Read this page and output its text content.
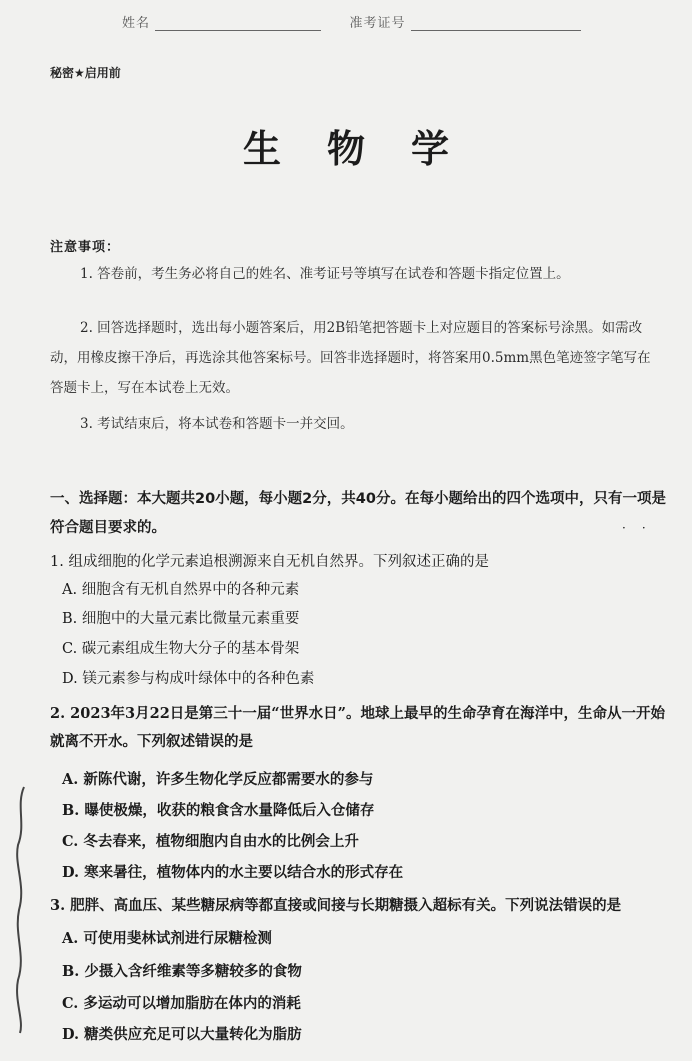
姓名	准考证号
秘密★启用前
生物学
注意事项：
1. 答卷前，考生务必将自己的姓名、准考证号等填写在试卷和答题卡指定位置上。
2. 回答选择题时，选出每小题答案后，用2B铅笔把答题卡上对应题目的答案标号涂黑。如需改动，用橡皮擦干净后，再选涂其他答案标号。回答非选择题时，将答案用0.5mm黑色笔迹签字笔写在答题卡上，写在本试卷上无效。
3. 考试结束后，将本试卷和答题卡一并交回。
一、选择题：本大题共20小题，每小题2分，共40分。在每小题给出的四个选项中，只有一项是符合题目要求的。	··
1. 组成细胞的化学元素追根溯源来自无机自然界。下列叙述正确的是
A. 细胞含有无机自然界中的各种元素
B. 细胞中的大量元素比微量元素重要
C. 碳元素组成生物大分子的基本骨架
D. 镁元素参与构成叶绿体中的各种色素
2. 2023年3月22日是第三十一届“世界水日”。地球上最早的生命孕育在海洋中，生命从一开始就离不开水。下列叙述错误的是
A. 新陈代谢，许多生物化学反应都需要水的参与
B. 曝使极燥，收获的粮食含水量降低后入仓储存
C. 冬去春来，植物细胞内自由水的比例会上升
D. 寒来暑往，植物体内的水主要以结合水的形式存在
3. 肥胖、高血压、某些糖尿病等都直接或间接与长期糖摄入超标有关。下列说法错误的是
A. 可使用斐林试剂进行尿糖检测
B. 少摄入含纤维素等多糖较多的食物
C. 多运动可以增加脂肪在体内的消耗
D. 糖类供应充足可以大量转化为脂肪
